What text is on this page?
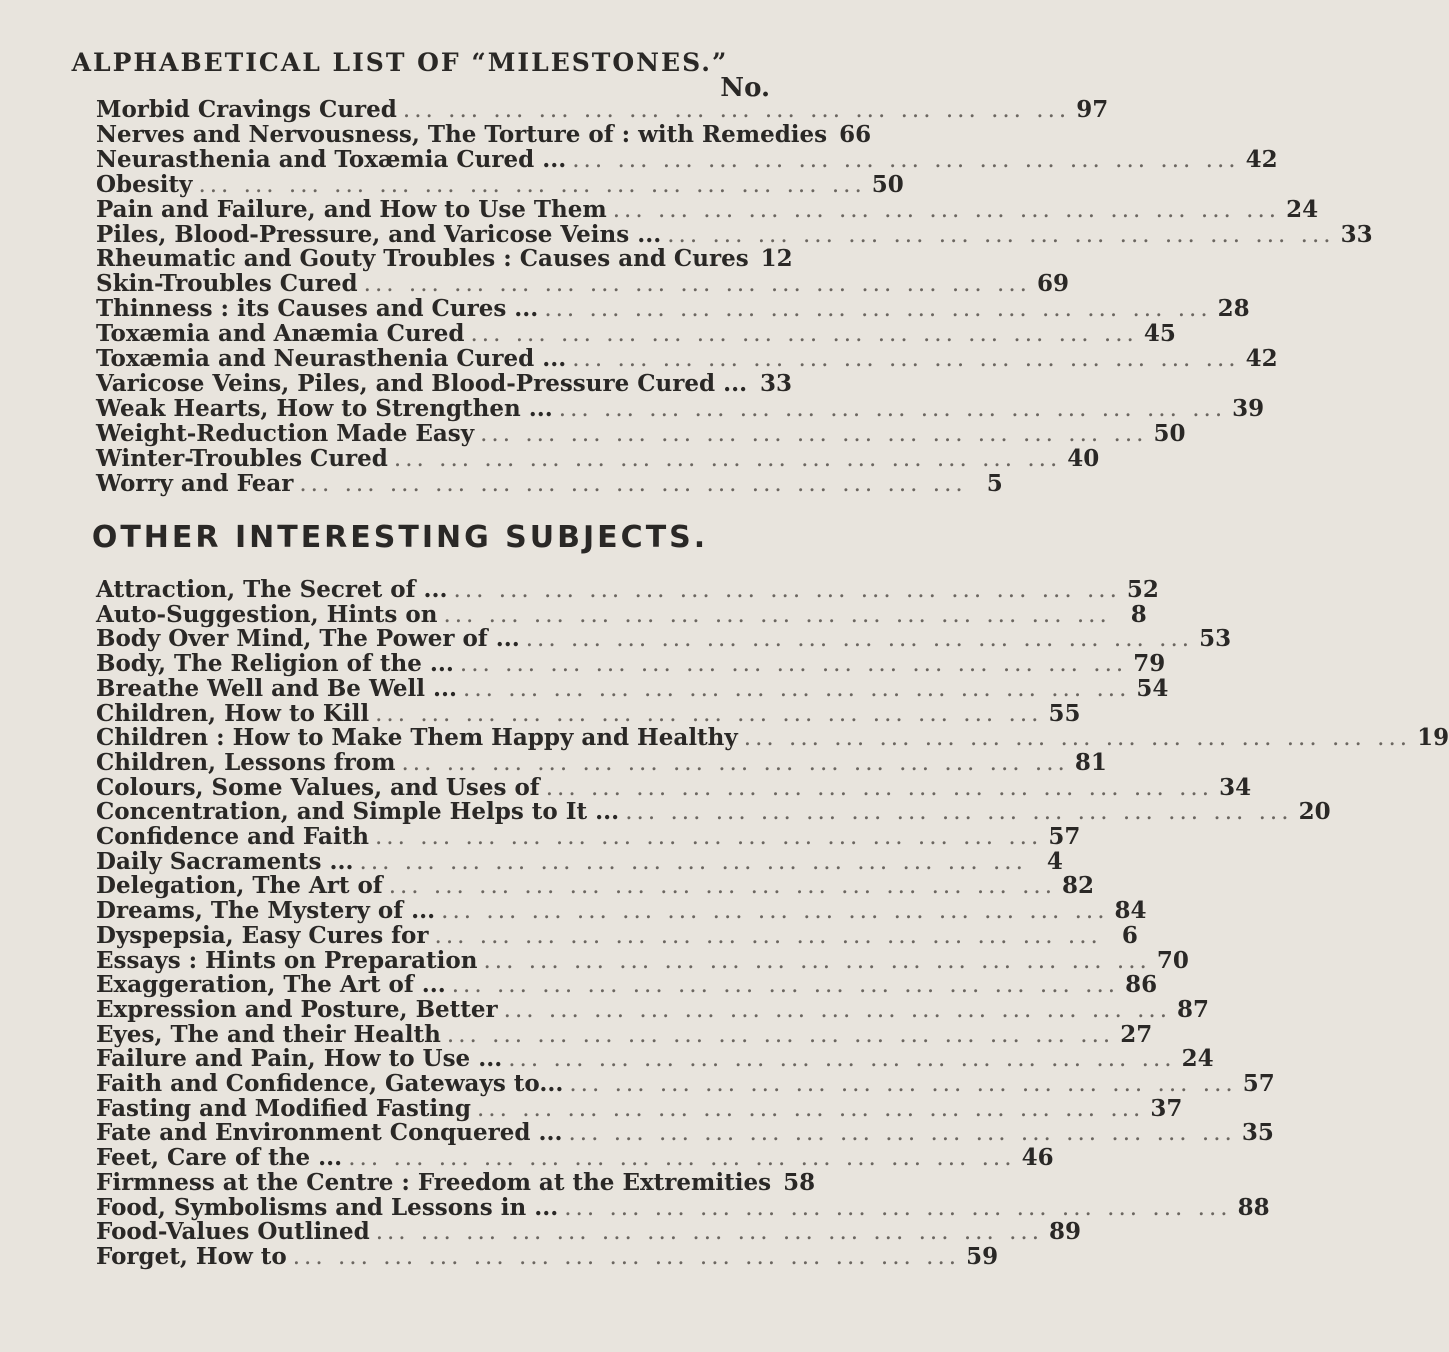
ALPHABETICAL LIST OF “MILESTONES.”
No.
Morbid Cravings Cured ... ... ... ... ... ... ... ... ... ... ... ... ... ... ... 97
Nerves and Nervousness, The Torture of : with Remedies 66
Neurasthenia and Toxæmia Cured ... ... ... ... ... ... ... ... ... ... ... ... ... ... ... ... 42
Obesity ... ... ... ... ... ... ... ... ... ... ... ... ... ... ... 50
Pain and Failure, and How to Use Them ... ... ... ... ... ... ... ... ... ... ... ... ... ... ... 24
Piles, Blood-Pressure, and Varicose Veins ... ... ... ... ... ... ... ... ... ... ... ... ... ... ... ... 33
Rheumatic and Gouty Troubles : Causes and Cures 12
Skin-Troubles Cured ... ... ... ... ... ... ... ... ... ... ... ... ... ... ... 69
Thinness : its Causes and Cures ... ... ... ... ... ... ... ... ... ... ... ... ... ... ... ... 28
Toxæmia and Anæmia Cured ... ... ... ... ... ... ... ... ... ... ... ... ... ... ... 45
Toxæmia and Neurasthenia Cured ... ... ... ... ... ... ... ... ... ... ... ... ... ... ... ... 42
Varicose Veins, Piles, and Blood-Pressure Cured ... 33
Weak Hearts, How to Strengthen ... ... ... ... ... ... ... ... ... ... ... ... ... ... ... ... 39
Weight-Reduction Made Easy ... ... ... ... ... ... ... ... ... ... ... ... ... ... ... 50
Winter-Troubles Cured ... ... ... ... ... ... ... ... ... ... ... ... ... ... ... 40
Worry and Fear ... ... ... ... ... ... ... ... ... ... ... ... ... ... ... 5
OTHER INTERESTING SUBJECTS.
Attraction, The Secret of ... ... ... ... ... ... ... ... ... ... ... ... ... ... ... ... 52
Auto-Suggestion, Hints on ... ... ... ... ... ... ... ... ... ... ... ... ... ... ... 8
Body Over Mind, The Power of ... ... ... ... ... ... ... ... ... ... ... ... ... ... ... ... 53
Body, The Religion of the ... ... ... ... ... ... ... ... ... ... ... ... ... ... ... ... 79
Breathe Well and Be Well ... ... ... ... ... ... ... ... ... ... ... ... ... ... ... ... 54
Children, How to Kill ... ... ... ... ... ... ... ... ... ... ... ... ... ... ... 55
Children : How to Make Them Happy and Healthy ... ... ... ... ... ... ... ... ... ... ... ... ... ... ... 19
Children, Lessons from ... ... ... ... ... ... ... ... ... ... ... ... ... ... ... 81
Colours, Some Values, and Uses of ... ... ... ... ... ... ... ... ... ... ... ... ... ... ... 34
Concentration, and Simple Helps to It ... ... ... ... ... ... ... ... ... ... ... ... ... ... ... ... 20
Confidence and Faith ... ... ... ... ... ... ... ... ... ... ... ... ... ... ... 57
Daily Sacraments ... ... ... ... ... ... ... ... ... ... ... ... ... ... ... ... 4
Delegation, The Art of ... ... ... ... ... ... ... ... ... ... ... ... ... ... ... 82
Dreams, The Mystery of ... ... ... ... ... ... ... ... ... ... ... ... ... ... ... ... 84
Dyspepsia, Easy Cures for ... ... ... ... ... ... ... ... ... ... ... ... ... ... ... 6
Essays : Hints on Preparation ... ... ... ... ... ... ... ... ... ... ... ... ... ... ... 70
Exaggeration, The Art of ... ... ... ... ... ... ... ... ... ... ... ... ... ... ... ... 86
Expression and Posture, Better ... ... ... ... ... ... ... ... ... ... ... ... ... ... ... 87
Eyes, The and their Health ... ... ... ... ... ... ... ... ... ... ... ... ... ... ... 27
Failure and Pain, How to Use ... ... ... ... ... ... ... ... ... ... ... ... ... ... ... ... 24
Faith and Confidence, Gateways to... ... ... ... ... ... ... ... ... ... ... ... ... ... ... ... 57
Fasting and Modified Fasting ... ... ... ... ... ... ... ... ... ... ... ... ... ... ... 37
Fate and Environment Conquered ... ... ... ... ... ... ... ... ... ... ... ... ... ... ... ... 35
Feet, Care of the ... ... ... ... ... ... ... ... ... ... ... ... ... ... ... ... 46
Firmness at the Centre : Freedom at the Extremities 58
Food, Symbolisms and Lessons in ... ... ... ... ... ... ... ... ... ... ... ... ... ... ... ... 88
Food-Values Outlined ... ... ... ... ... ... ... ... ... ... ... ... ... ... ... 89
Forget, How to ... ... ... ... ... ... ... ... ... ... ... ... ... ... ... 59
